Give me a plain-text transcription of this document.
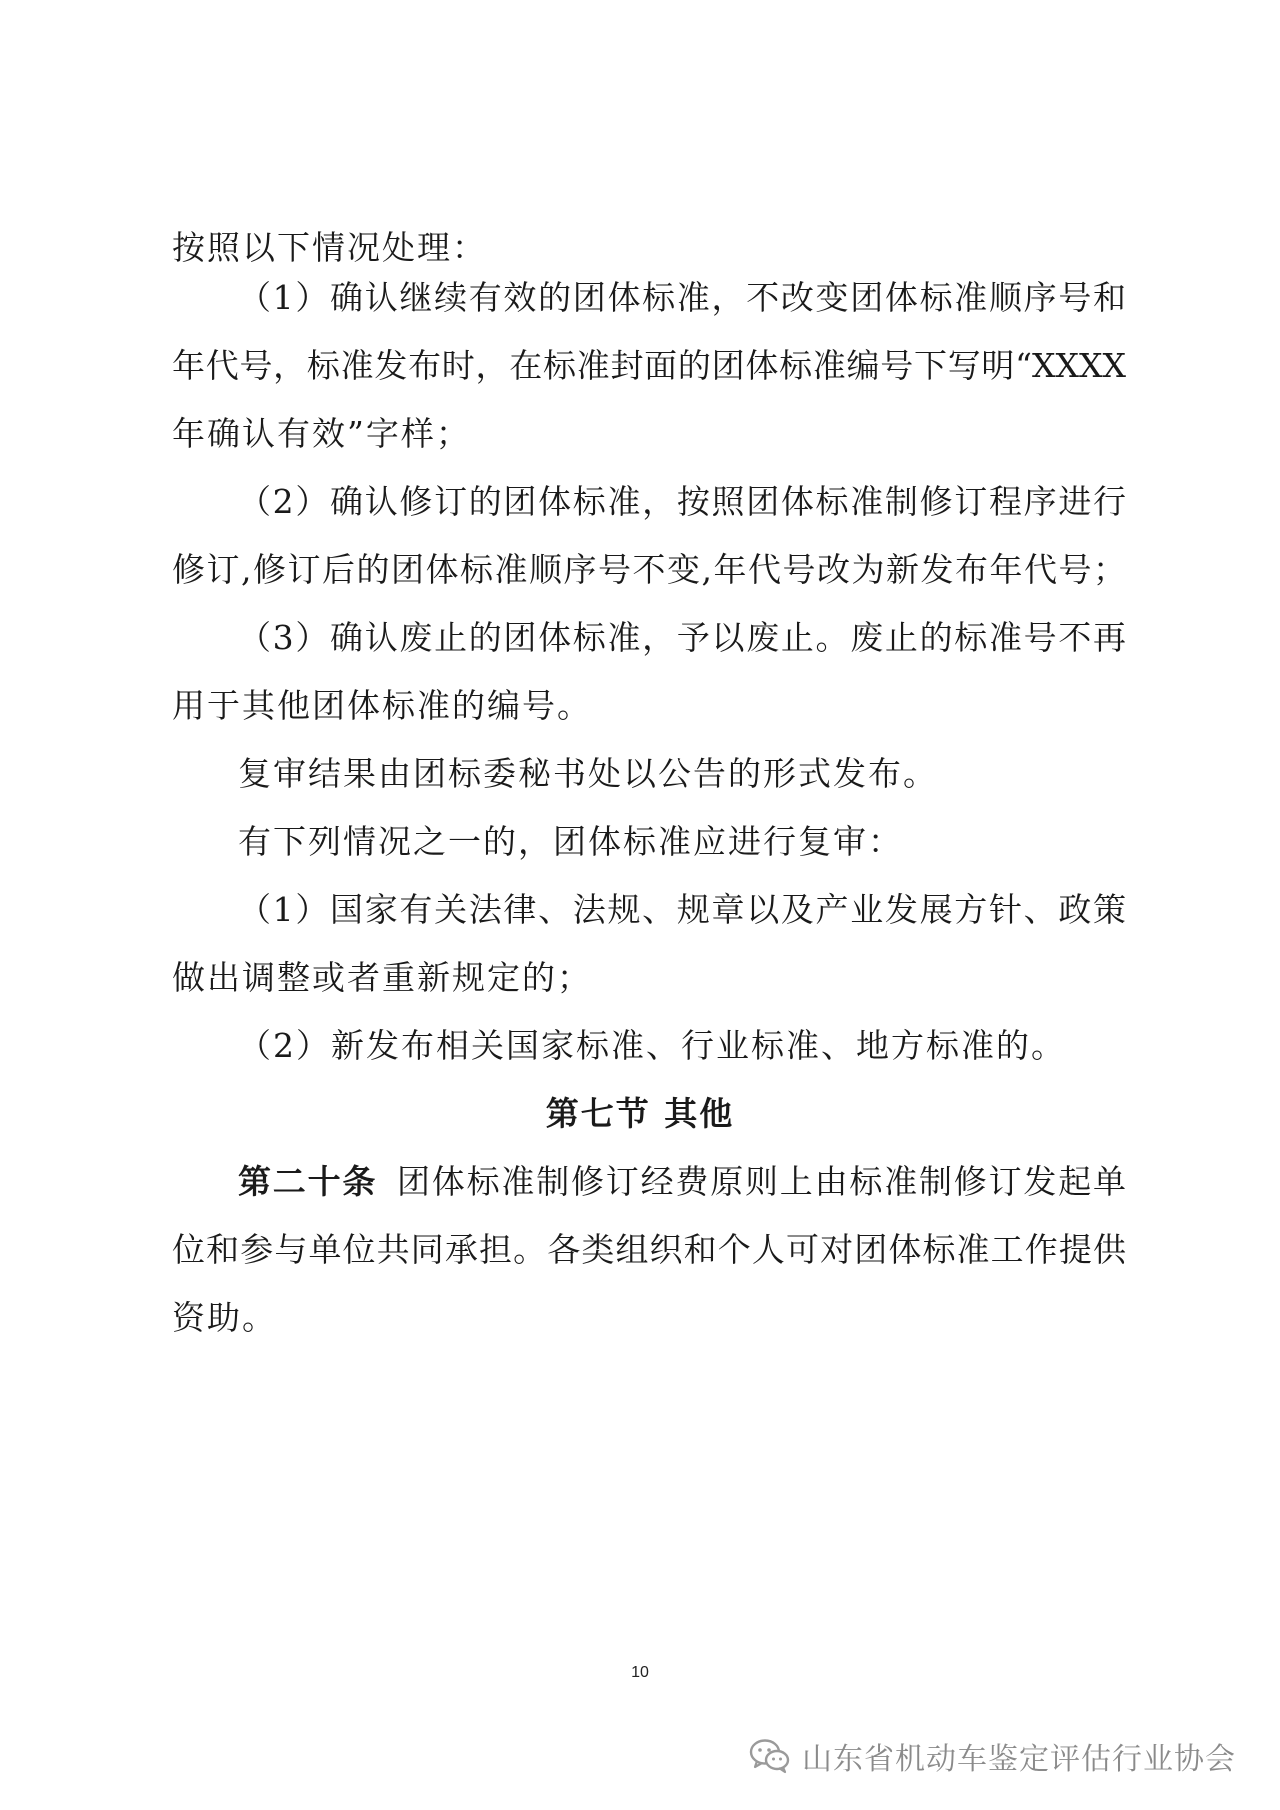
按照以下情况处理：
（1）确认继续有效的团体标准，不改变团体标准顺序号和
年代号，标准发布时，在标准封面的团体标准编号下写明“XXXX
年确认有效”字样；
（2）确认修订的团体标准，按照团体标准制修订程序进行
修订,修订后的团体标准顺序号不变,年代号改为新发布年代号；
（3）确认废止的团体标准，予以废止。废止的标准号不再
用于其他团体标准的编号。
复审结果由团标委秘书处以公告的形式发布。
有下列情况之一的，团体标准应进行复审：
（1）国家有关法律、法规、规章以及产业发展方针、政策
做出调整或者重新规定的；
（2）新发布相关国家标准、行业标准、地方标准的。
第七节 其他
第二十条 团体标准制修订经费原则上由标准制修订发起单
位和参与单位共同承担。各类组织和个人可对团体标准工作提供
资助。
10
山东省机动车鉴定评估行业协会
